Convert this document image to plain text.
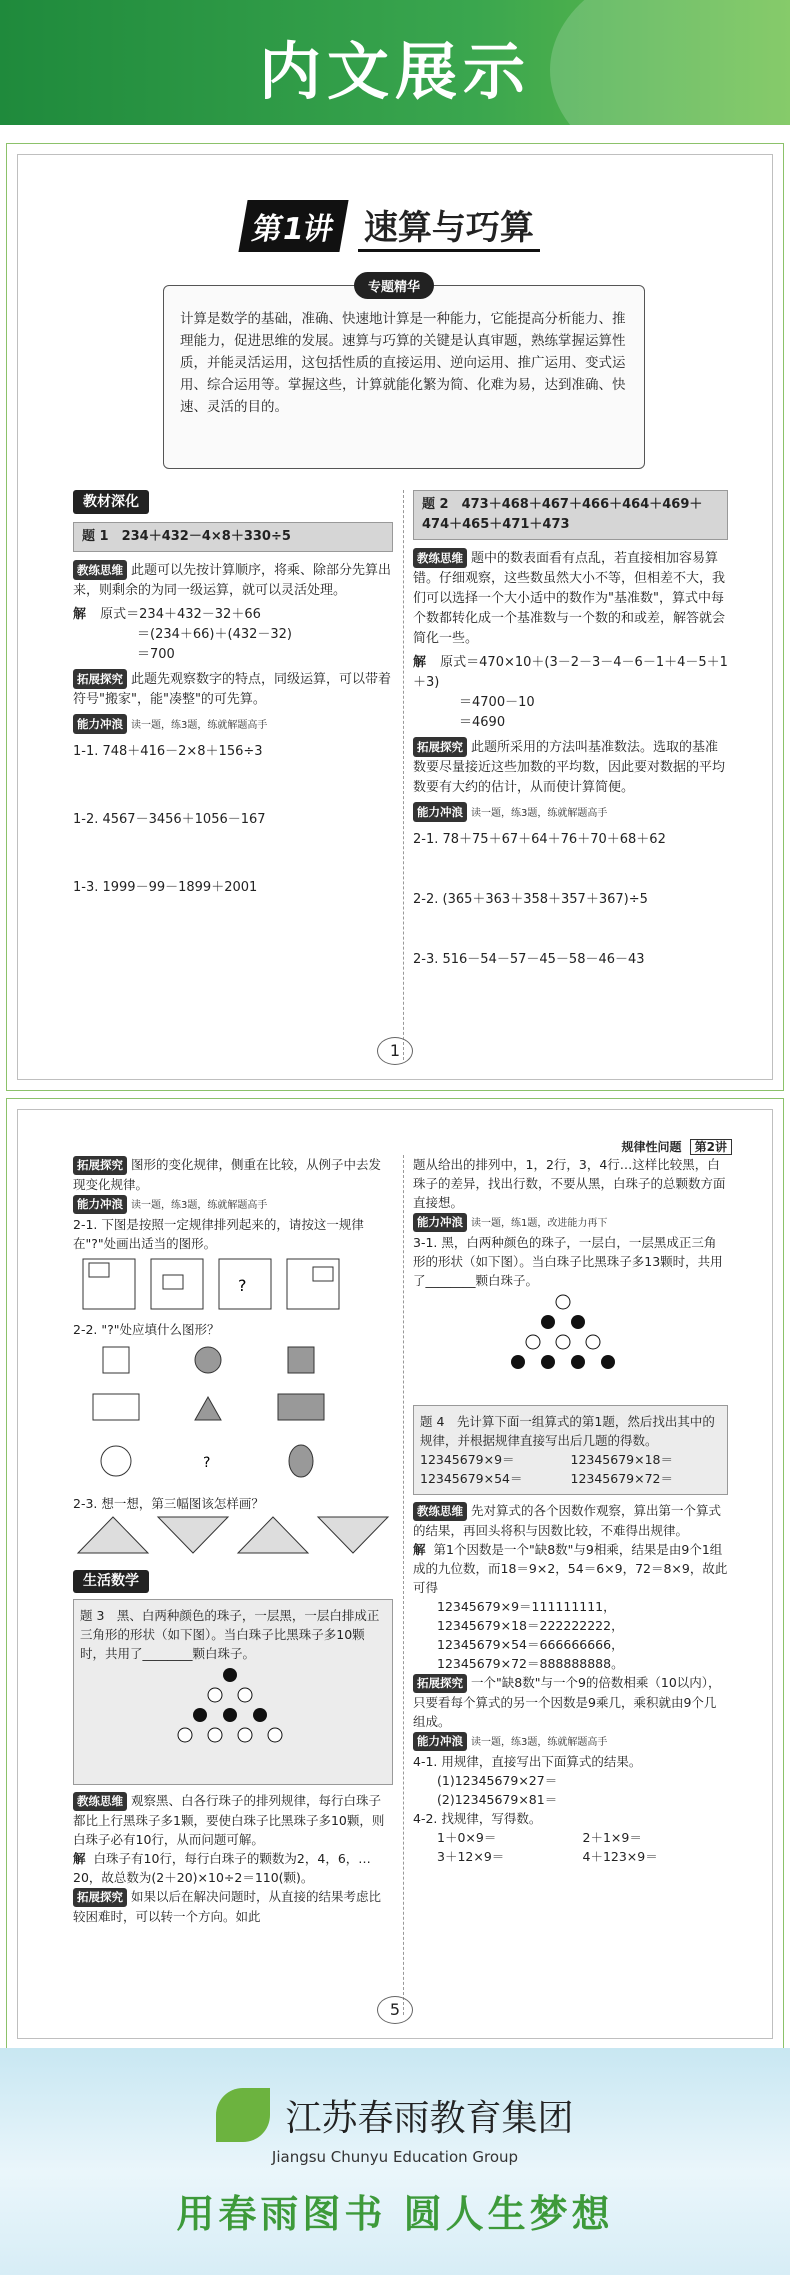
内文展示
第1讲 速算与巧算
专题精华
计算是数学的基础，准确、快速地计算是一种能力，它能提高分析能力、推理能力，促进思维的发展。速算与巧算的关键是认真审题，熟练掌握运算性质，并能灵活运用，这包括性质的直接运用、逆向运用、推广运用、变式运用、综合运用等。掌握这些，计算就能化繁为简、化难为易，达到准确、快速、灵活的目的。
教材深化
题 1　234＋432－4×8＋330÷5
教练思维 此题可以先按计算顺序，将乘、除部分先算出来，则剩余的为同一级运算，就可以灵活处理。
解 原式＝234＋432－32＋66
＝(234＋66)＋(432－32)
＝700
拓展探究 此题先观察数字的特点，同级运算，可以带着符号"搬家"，能"凑整"的可先算。
能力冲浪 读一题，练3题，练就解题高手
1-1. 748＋416－2×8＋156÷3
1-2. 4567－3456＋1056－167
1-3. 1999－99－1899＋2001
题 2　473＋468＋467＋466＋464＋469＋474＋465＋471＋473
教练思维 题中的数表面看有点乱，若直接相加容易算错。仔细观察，这些数虽然大小不等，但相差不大，我们可以选择一个大小适中的数作为"基准数"，算式中每个数都转化成一个基准数与一个数的和或差，解答就会简化一些。
解 原式＝470×10＋(3－2－3－4－6－1＋4－5＋1＋3)
＝4700－10
＝4690
拓展探究 此题所采用的方法叫基准数法。选取的基准数要尽量接近这些加数的平均数，因此要对数据的平均数要有大约的估计，从而使计算简便。
能力冲浪 读一题，练3题，练就解题高手
2-1. 78＋75＋67＋64＋76＋70＋68＋62
2-2. (365＋363＋358＋357＋367)÷5
2-3. 516－54－57－45－58－46－43
1
规律性问题 第2讲
拓展探究 图形的变化规律，侧重在比较，从例子中去发现变化规律。
能力冲浪 读一题，练3题，练就解题高手
2-1. 下图是按照一定规律排列起来的，请按这一规律在"?"处画出适当的图形。
?
2-2. "?"处应填什么图形？
?
2-3. 想一想，第三幅图该怎样画？
生活数学
题 3　黑、白两种颜色的珠子，一层黑，一层白排成正三角形的形状（如下图）。当白珠子比黑珠子多10颗时，共用了________颗白珠子。
教练思维 观察黑、白各行珠子的排列规律，每行白珠子都比上行黑珠子多1颗，要使白珠子比黑珠子多10颗，则白珠子必有10行，从而问题可解。
解 白珠子有10行，每行白珠子的颗数为2，4，6，…20，故总数为(2＋20)×10÷2＝110(颗)。
拓展探究 如果以后在解决问题时，从直接的结果考虑比较困难时，可以转一个方向。如此
题从给出的排列中，1，2行，3，4行…这样比较黑，白珠子的差异，找出行数，不要从黑，白珠子的总颗数方面直接想。
能力冲浪 读一题，练1题，改进能力再下
3-1. 黑，白两种颜色的珠子，一层白，一层黑成正三角形的形状（如下图）。当白珠子比黑珠子多13颗时，共用了________颗白珠子。
题 4　先计算下面一组算式的第1题，然后找出其中的规律，并根据规律直接写出后几题的得数。
12345679×9＝	12345679×18＝
12345679×54＝	12345679×72＝
教练思维 先对算式的各个因数作观察，算出第一个算式的结果，再回头将积与因数比较，不难得出规律。
解 第1个因数是一个"缺8数"与9相乘，结果是由9个1组成的九位数，而18＝9×2，54＝6×9，72＝8×9，故此可得
12345679×9＝111111111，
12345679×18＝222222222，
12345679×54＝666666666，
12345679×72＝888888888。
拓展探究 一个"缺8数"与一个9的倍数相乘（10以内），只要看每个算式的另一个因数是9乘几，乘积就由9个几组成。
能力冲浪 读一题，练3题，练就解题高手
4-1. 用规律，直接写出下面算式的结果。
(1)12345679×27＝
(2)12345679×81＝
4-2. 找规律，写得数。
1＋0×9＝	2＋1×9＝
3＋12×9＝	4＋123×9＝
5
江苏春雨教育集团
Jiangsu Chunyu Education Group
用春雨图书 圆人生梦想
